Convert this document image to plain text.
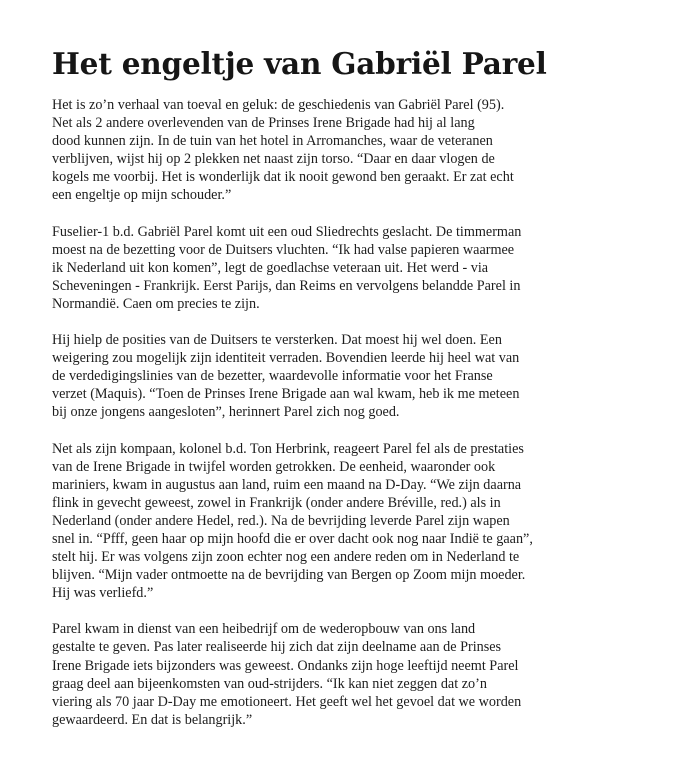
Het engeltje van Gabriël Parel

Het is zo’n verhaal van toeval en geluk: de geschiedenis van Gabriël Parel (95).
Net als 2 andere overlevenden van de Prinses Irene Brigade had hij al lang
dood kunnen zijn. In de tuin van het hotel in Arromanches, waar de veteranen
verblijven, wijst hij op 2 plekken net naast zijn torso. “Daar en daar vlogen de
kogels me voorbij. Het is wonderlijk dat ik nooit gewond ben geraakt. Er zat echt
een engeltje op mijn schouder.”

Fuselier-1 b.d. Gabriël Parel komt uit een oud Sliedrechts geslacht. De timmerman
moest na de bezetting voor de Duitsers vluchten. “Ik had valse papieren waarmee
ik Nederland uit kon komen”, legt de goedlachse veteraan uit. Het werd - via
Scheveningen - Frankrijk. Eerst Parijs, dan Reims en vervolgens belandde Parel in
Normandië. Caen om precies te zijn.

Hij hielp de posities van de Duitsers te versterken. Dat moest hij wel doen. Een
weigering zou mogelijk zijn identiteit verraden. Bovendien leerde hij heel wat van
de verdedigingslinies van de bezetter, waardevolle informatie voor het Franse
verzet (Maquis). “Toen de Prinses Irene Brigade aan wal kwam, heb ik me meteen
bij onze jongens aangesloten”, herinnert Parel zich nog goed.

Net als zijn kompaan, kolonel b.d. Ton Herbrink, reageert Parel fel als de prestaties
van de Irene Brigade in twijfel worden getrokken. De eenheid, waaronder ook
mariniers, kwam in augustus aan land, ruim een maand na D-Day. “We zijn daarna
flink in gevecht geweest, zowel in Frankrijk (onder andere Bréville, red.) als in
Nederland (onder andere Hedel, red.). Na de bevrijding leverde Parel zijn wapen
snel in. “Pfff, geen haar op mijn hoofd die er over dacht ook nog naar Indië te gaan”,
stelt hij. Er was volgens zijn zoon echter nog een andere reden om in Nederland te
blijven. “Mijn vader ontmoette na de bevrijding van Bergen op Zoom mijn moeder.
Hij was verliefd.”

Parel kwam in dienst van een heibedrijf om de wederopbouw van ons land
gestalte te geven. Pas later realiseerde hij zich dat zijn deelname aan de Prinses
Irene Brigade iets bijzonders was geweest. Ondanks zijn hoge leeftijd neemt Parel
graag deel aan bijeenkomsten van oud-strijders. “Ik kan niet zeggen dat zo’n
viering als 70 jaar D-Day me emotioneert. Het geeft wel het gevoel dat we worden
gewaardeerd. En dat is belangrijk.”
